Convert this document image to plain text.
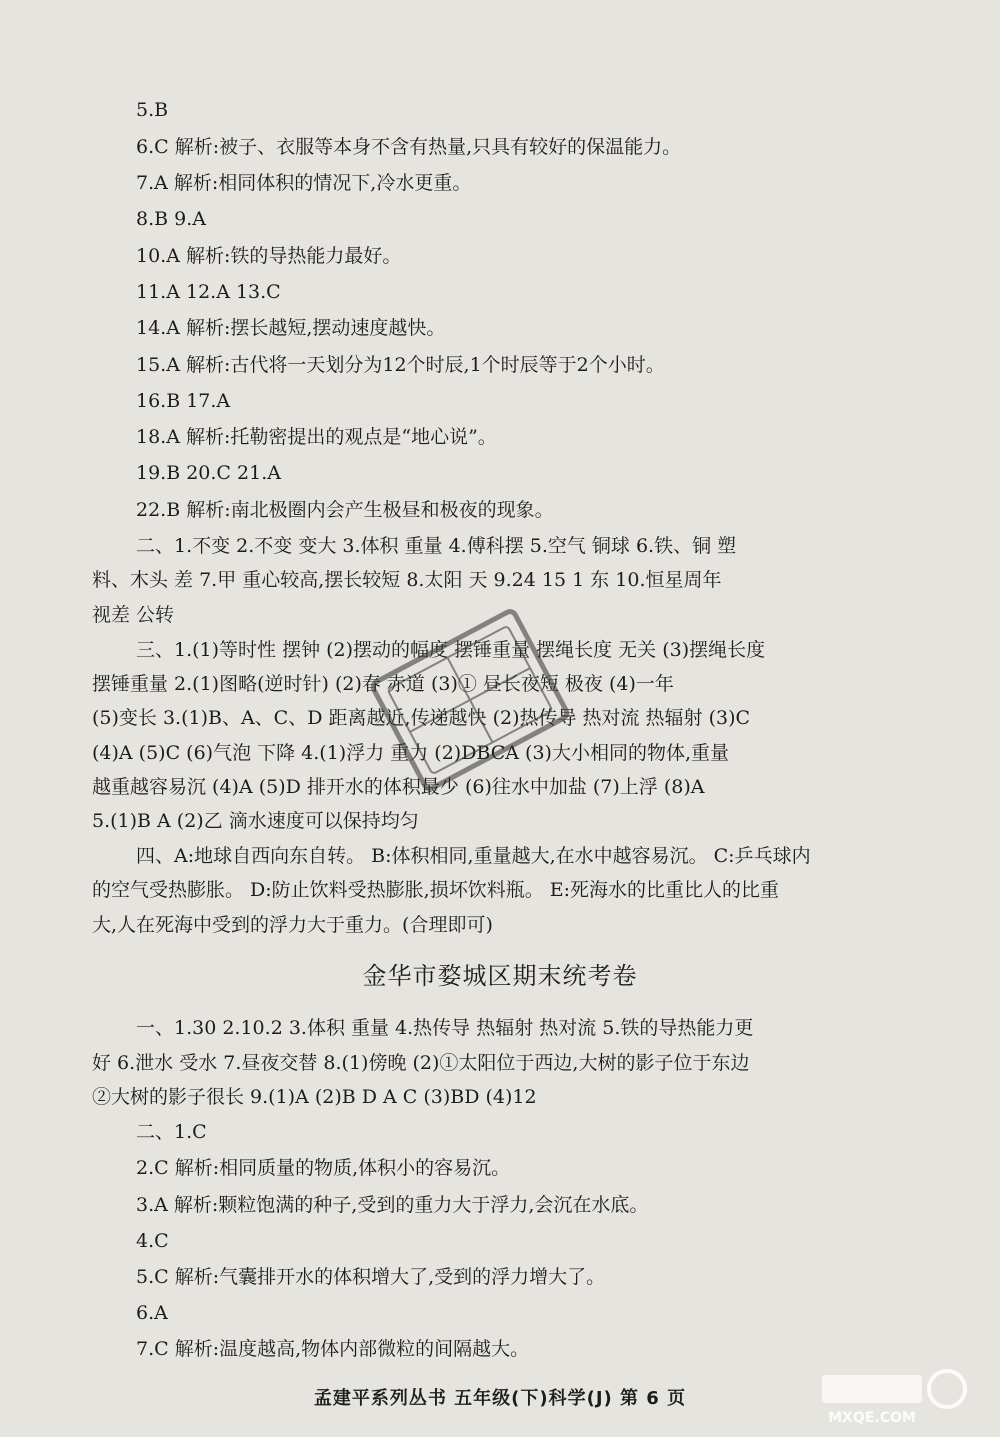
5.B
6.C 解析:被子、衣服等本身不含有热量,只具有较好的保温能力。
7.A 解析:相同体积的情况下,冷水更重。
8.B 9.A
10.A 解析:铁的导热能力最好。
11.A 12.A 13.C
14.A 解析:摆长越短,摆动速度越快。
15.A 解析:古代将一天划分为12个时辰,1个时辰等于2个小时。
16.B 17.A
18.A 解析:托勒密提出的观点是“地心说”。
19.B 20.C 21.A
22.B 解析:南北极圈内会产生极昼和极夜的现象。
二、1.不变 2.不变 变大 3.体积 重量 4.傅科摆 5.空气 铜球 6.铁、铜 塑
料、木头 差 7.甲 重心较高,摆长较短 8.太阳 天 9.24 15 1 东 10.恒星周年
视差 公转
三、1.(1)等时性 摆钟 (2)摆动的幅度 摆锤重量 摆绳长度 无关 (3)摆绳长度
摆锤重量 2.(1)图略(逆时针) (2)春 赤道 (3)① 昼长夜短 极夜 (4)一年
(5)变长 3.(1)B、A、C、D 距离越近,传递越快 (2)热传导 热对流 热辐射 (3)C
(4)A (5)C (6)气泡 下降 4.(1)浮力 重力 (2)DBCA (3)大小相同的物体,重量
越重越容易沉 (4)A (5)D 排开水的体积最少 (6)往水中加盐 (7)上浮 (8)A
5.(1)B A (2)乙 滴水速度可以保持均匀
四、A:地球自西向东自转。 B:体积相同,重量越大,在水中越容易沉。 C:乒乓球内
的空气受热膨胀。 D:防止饮料受热膨胀,损坏饮料瓶。 E:死海水的比重比人的比重
大,人在死海中受到的浮力大于重力。(合理即可)
金华市婺城区期末统考卷
一、1.30 2.10.2 3.体积 重量 4.热传导 热辐射 热对流 5.铁的导热能力更
好 6.泄水 受水 7.昼夜交替 8.(1)傍晚 (2)①太阳位于西边,大树的影子位于东边
②大树的影子很长 9.(1)A (2)B D A C (3)BD (4)12
二、1.C
2.C 解析:相同质量的物质,体积小的容易沉。
3.A 解析:颗粒饱满的种子,受到的重力大于浮力,会沉在水底。
4.C
5.C 解析:气囊排开水的体积增大了,受到的浮力增大了。
6.A
7.C 解析:温度越高,物体内部微粒的间隔越大。
孟建平系列丛书 五年级(下)科学(J) 第 6 页
MXQE.COM
